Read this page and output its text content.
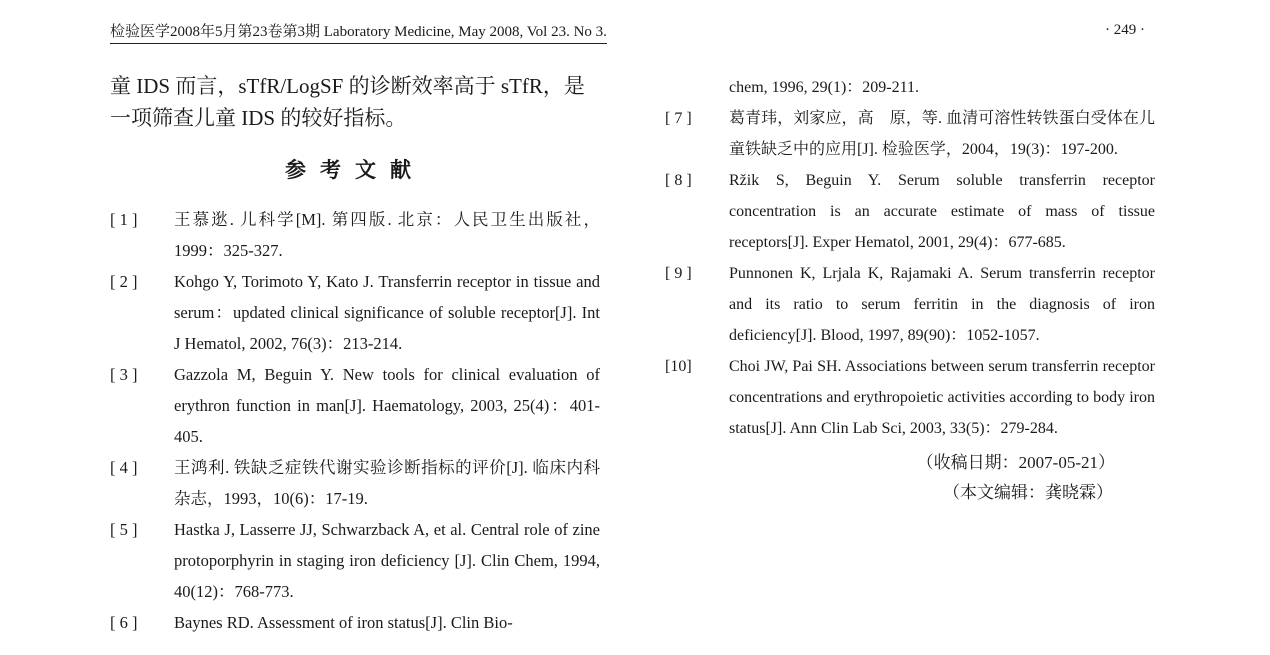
检验医学2008年5月第23卷第3期 Laboratory Medicine, May 2008, Vol 23. No 3.	· 249 ·

童 IDS 而言，sTfR/LogSF 的诊断效率高于 sTfR，是一项筛查儿童 IDS 的较好指标。

参考文献
[ 1 ]	王慕逖. 儿科学[M]. 第四版. 北京：人民卫生出版社，1999：325-327.
[ 2 ]	Kohgo Y, Torimoto Y, Kato J. Transferrin receptor in tissue and serum：updated clinical significance of soluble receptor[J]. Int J Hematol, 2002, 76(3)：213-214.
[ 3 ]	Gazzola M, Beguin Y. New tools for clinical evaluation of erythron function in man[J]. Haematology, 2003, 25(4)：401-405.
[ 4 ]	王鸿利. 铁缺乏症铁代谢实验诊断指标的评价[J]. 临床内科杂志，1993，10(6)：17-19.
[ 5 ]	Hastka J, Lasserre JJ, Schwarzback A, et al. Central role of zine protoporphyrin in staging iron deficiency [J]. Clin Chem, 1994, 40(12)：768-773.
[ 6 ]	Baynes RD. Assessment of iron status[J]. Clin Bio-
chem, 1996, 29(1)：209-211.
[ 7 ]	葛青玮，刘家应，高　原，等. 血清可溶性转铁蛋白受体在儿童铁缺乏中的应用[J]. 检验医学，2004，19(3)：197-200.
[ 8 ]	Ržik S, Beguin Y. Serum soluble transferrin receptor concentration is an accurate estimate of mass of tissue receptors[J]. Exper Hematol, 2001, 29(4)：677-685.
[ 9 ]	Punnonen K, Lrjala K, Rajamaki A. Serum transferrin receptor and its ratio to serum ferritin in the diagnosis of iron deficiency[J]. Blood, 1997, 89(90)：1052-1057.
[10]	Choi JW, Pai SH. Associations between serum transferrin receptor concentrations and erythropoietic activities according to body iron status[J]. Ann Clin Lab Sci, 2003, 33(5)：279-284.
（收稿日期：2007-05-21）
（本文编辑：龚晓霖）
